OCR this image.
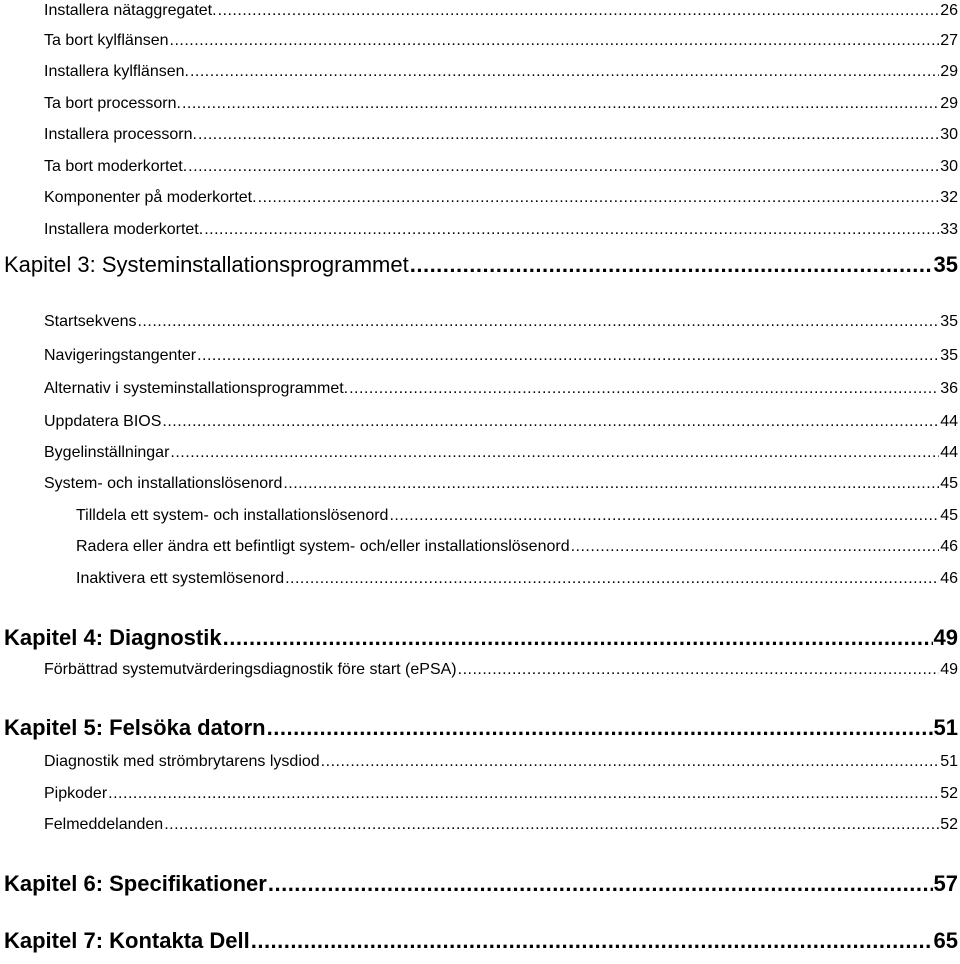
Installera nätaggregatet. .....	26
Ta bort kylflänsen .....	27
Installera kylflänsen. .....	29
Ta bort processorn. .....	29
Installera processorn. .....	30
Ta bort moderkortet. .....	30
Komponenter på moderkortet. .....	32
Installera moderkortet. .....	33
Kapitel 3: Systeminstallationsprogrammet .....	35
Startsekvens .....	35
Navigeringstangenter .....	35
Alternativ i systeminstallationsprogrammet. .....	36
Uppdatera BIOS .....	44
Bygelinställningar .....	44
System- och installationslösenord .....	45
Tilldela ett system- och installationslösenord .....	45
Radera eller ändra ett befintligt system- och/eller installationslösenord .....	46
Inaktivera ett systemlösenord .....	46
Kapitel 4: Diagnostik .....	49
Förbättrad systemutvärderingsdiagnostik före start (ePSA) .....	49
Kapitel 5: Felsöka datorn .....	51
Diagnostik med strömbrytarens lysdiod .....	51
Pipkoder .....	52
Felmeddelanden .....	52
Kapitel 6: Specifikationer .....	57
Kapitel 7: Kontakta Dell .....	65
